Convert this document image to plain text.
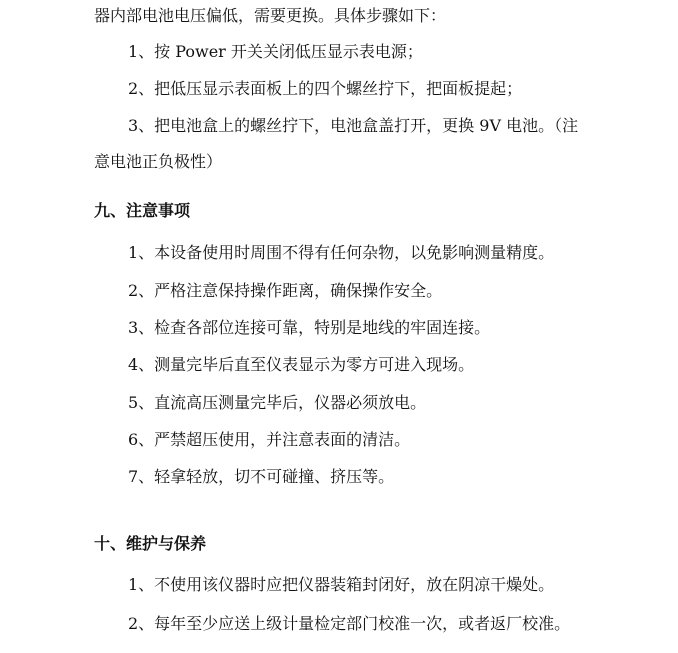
器内部电池电压偏低，需要更换。具体步骤如下：
1、按 Power 开关关闭低压显示表电源；
2、把低压显示表面板上的四个螺丝拧下，把面板提起；
3、把电池盒上的螺丝拧下，电池盒盖打开，更换 9V 电池。（注
意电池正负极性）
九、注意事项
1、本设备使用时周围不得有任何杂物，以免影响测量精度。
2、严格注意保持操作距离，确保操作安全。
3、检查各部位连接可靠，特别是地线的牢固连接。
4、测量完毕后直至仪表显示为零方可进入现场。
5、直流高压测量完毕后，仪器必须放电。
6、严禁超压使用，并注意表面的清洁。
7、轻拿轻放，切不可碰撞、挤压等。
十、维护与保养
1、不使用该仪器时应把仪器装箱封闭好，放在阴凉干燥处。
2、每年至少应送上级计量检定部门校准一次，或者返厂校准。
